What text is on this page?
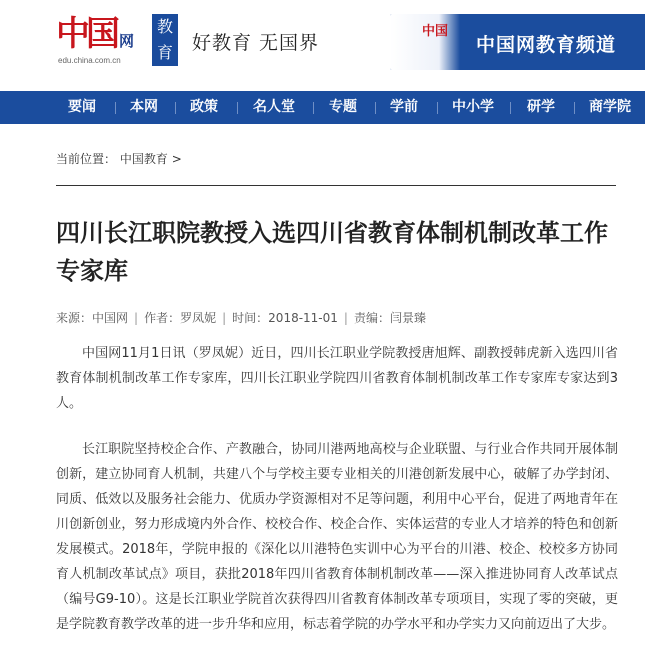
中国 网
edu.china.com.cn
教
育 好教育 无国界
中国
中国网教育频道
要闻 本网 政策	名人堂 专题 学前 中小学 研学 商学院
当前位置： 中国教育 >
四川长江职院教授入选四川省教育体制机制改革工作专家库
来源：中国网 | 作者：罗凤妮 | 时间：2018-11-01 | 责编：闫景臻

中国网11月1日讯（罗凤妮）近日，四川长江职业学院教授唐旭辉、副教授韩虎新入选四川省教育体制机制改革工作专家库，四川长江职业学院四川省教育体制机制改革工作专家库专家达到3人。

长江职院坚持校企合作、产教融合，协同川港两地高校与企业联盟、与行业合作共同开展体制创新，建立协同育人机制，共建八个与学校主要专业相关的川港创新发展中心，破解了办学封闭、同质、低效以及服务社会能力、优质办学资源相对不足等问题，利用中心平台，促进了两地青年在川创新创业，努力形成境内外合作、校校合作、校企合作、实体运营的专业人才培养的特色和创新发展模式。2018年，学院申报的《深化以川港特色实训中心为平台的川港、校企、校校多方协同育人机制改革试点》项目，获批2018年四川省教育体制机制改革——深入推进协同育人改革试点（编号G9-10）。这是长江职业学院首次获得四川省教育体制改革专项项目，实现了零的突破，更是学院教育教学改革的进一步升华和应用，标志着学院的办学水平和办学实力又向前迈出了大步。
